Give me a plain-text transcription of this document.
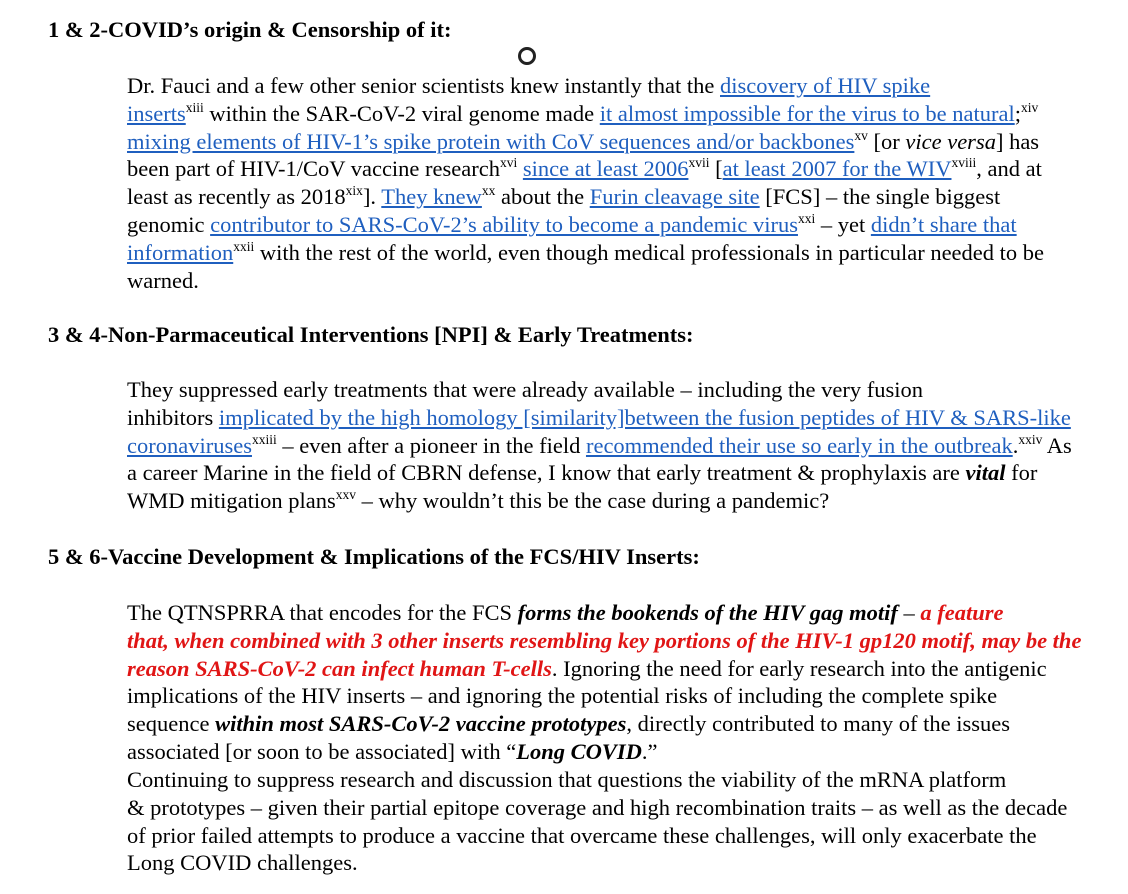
1 & 2-COVID’s origin & Censorship of it:

Dr. Fauci and a few other senior scientists knew instantly that the discovery of HIV spike
inserts$^{xiii}$ within the SAR-CoV-2 viral genome made it almost impossible for the virus to be natural;$^{xiv}$
mixing elements of HIV-1’s spike protein with CoV sequences and/or backbones$^{xv}$ [or vice versa] has
been part of HIV-1/CoV vaccine research$^{xvi}$ since at least 2006$^{xvii}$ [at least 2007 for the $WIV^{xviii}$, and at
least as recently as 2018$^{xix}$]. They knew$^{xx}$ about the Furin cleavage site [FCS] – the single biggest
genomic contributor to SARS-CoV-2’s ability to become a pandemic virus$^{xxi}$ – yet didn’t share that
information$^{xxii}$ with the rest of the world, even though medical professionals in particular needed to be
warned.

3 & 4-Non-Parmaceutical Interventions [NPI] & Early Treatments:

They suppressed early treatments that were already available – including the very fusion
inhibitors implicated by the high homology [similarity]between the fusion peptides of HIV & SARS-like
coronaviruses$^{xxiii}$ – even after a pioneer in the field recommended their use so early in the outbreak.$^{xxiv}$ As
a career Marine in the field of CBRN defense, I know that early treatment & prophylaxis are vital for
WMD mitigation plans$^{xxv}$ – why wouldn’t this be the case during a pandemic?

5 & 6-Vaccine Development & Implications of the FCS/HIV Inserts:

The QTNSPRRA that encodes for the FCS forms the bookends of the HIV gag motif – a feature
that, when combined with 3 other inserts resembling key portions of the HIV-1 gp120 motif, may be the
reason SARS-CoV-2 can infect human T-cells. Ignoring the need for early research into the antigenic
implications of the HIV inserts – and ignoring the potential risks of including the complete spike
sequence within most SARS-CoV-2 vaccine prototypes, directly contributed to many of the issues
associated [or soon to be associated] with “Long COVID.”

Continuing to suppress research and discussion that questions the viability of the mRNA platform
& prototypes – given their partial epitope coverage and high recombination traits – as well as the decade
of prior failed attempts to produce a vaccine that overcame these challenges, will only exacerbate the
Long COVID challenges.
